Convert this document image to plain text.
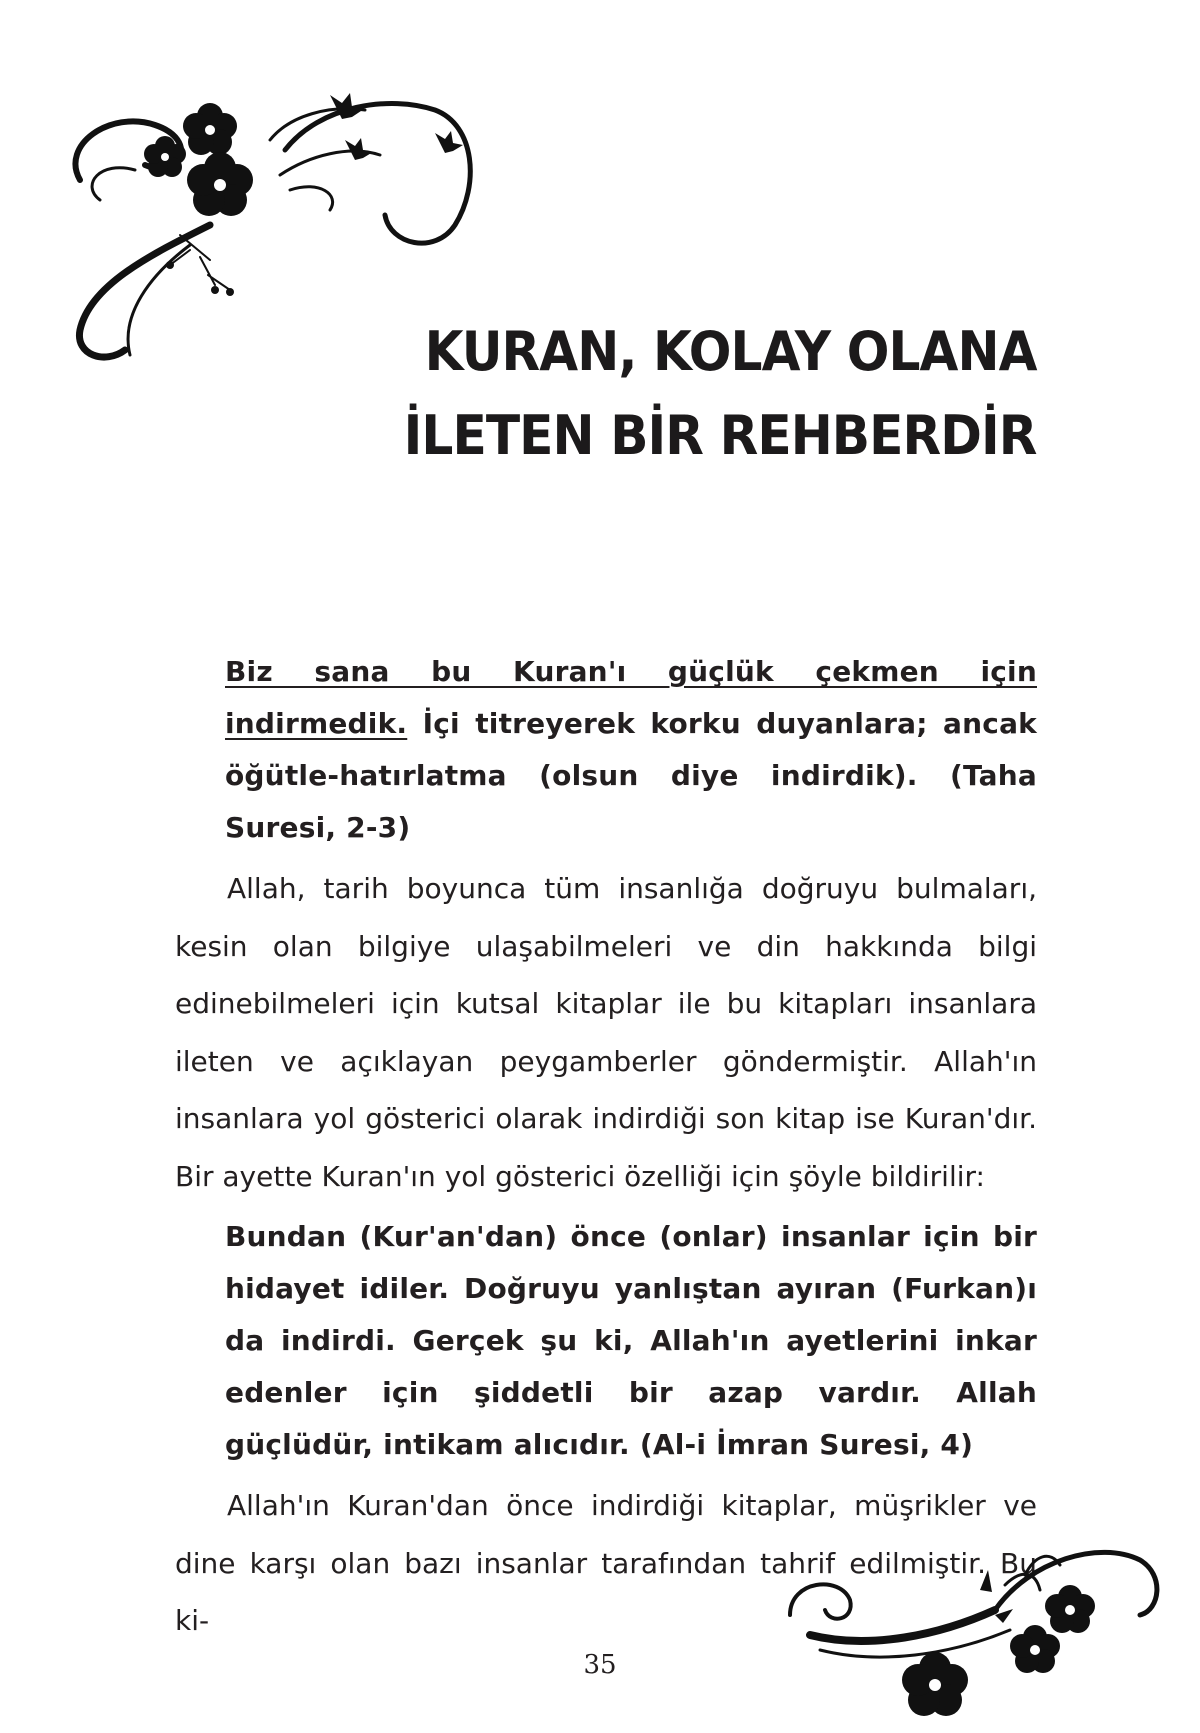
KURAN, KOLAY OLANA
İLETEN BİR REHBERDİR

Biz sana bu Kuran'ı güçlük çekmen için indirmedik. İçi titreyerek korku duyanlara; ancak öğütle-hatırlatma (olsun diye indirdik). (Taha Suresi, 2-3)

Allah, tarih boyunca tüm insanlığa doğruyu bulmaları, kesin olan bilgiye ulaşabilmeleri ve din hakkında bilgi edinebilmeleri için kutsal kitaplar ile bu kitapları insanlara ileten ve açıklayan peygamberler göndermiştir. Allah'ın insanlara yol gösterici olarak indirdiği son kitap ise Kuran'dır. Bir ayette Kuran'ın yol gösterici özelliği için şöyle bildirilir:

Bundan (Kur'an'dan) önce (onlar) insanlar için bir hidayet idiler. Doğruyu yanlıştan ayıran (Furkan)ı da indirdi. Gerçek şu ki, Allah'ın ayetlerini inkar edenler için şiddetli bir azap vardır. Allah güçlüdür, intikam alıcıdır. (Al-i İmran Suresi, 4)

Allah'ın Kuran'dan önce indirdiği kitaplar, müşrikler ve dine karşı olan bazı insanlar tarafından tahrif edilmiştir. Bu ki-

35
